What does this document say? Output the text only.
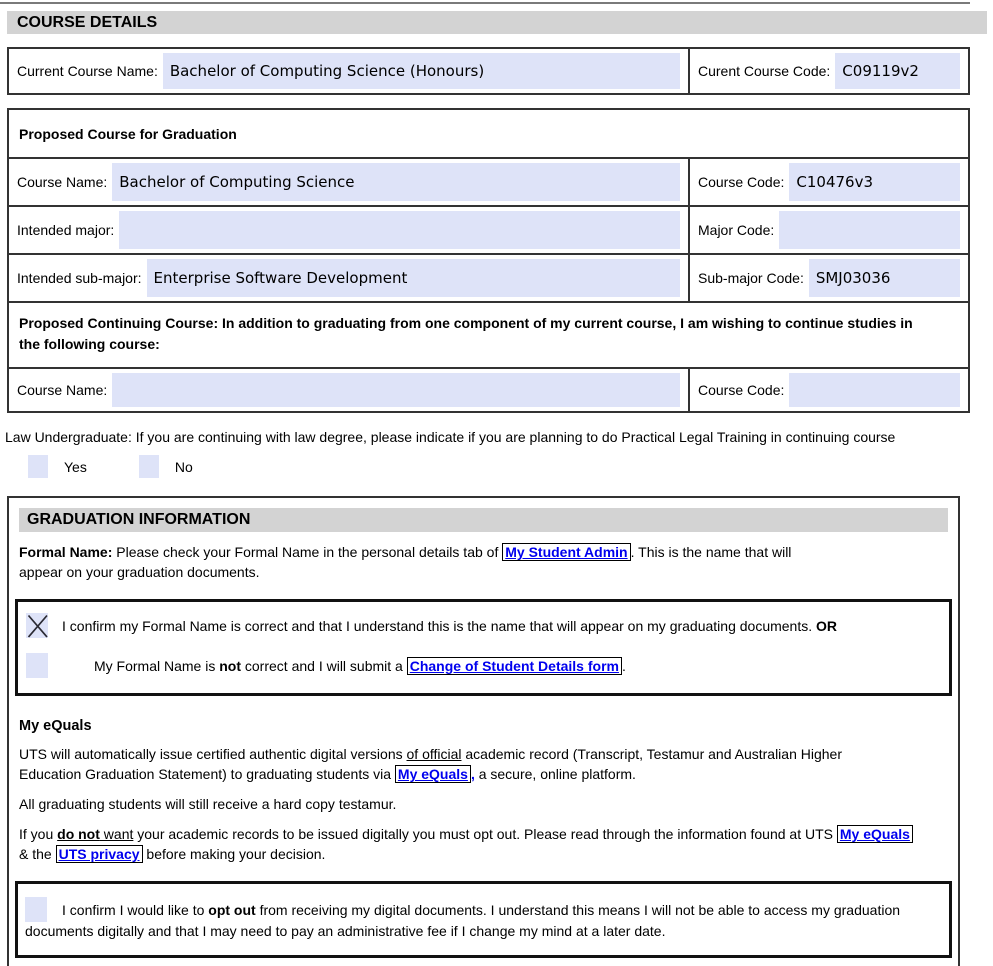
COURSE DETAILS
Current Course Name: Bachelor of Computing Science (Honours)	Curent Course Code: C09119v2
Proposed Course for Graduation
Course Name: Bachelor of Computing Science	Course Code: C10476v3
Intended major:	Major Code:
Intended sub-major: Enterprise Software Development	Sub-major Code: SMJ03036
Proposed Continuing Course: In addition to graduating from one component of my current course, I am wishing to continue studies in the following course:
Course Name:	Course Code:
Law Undergraduate: If you are continuing with law degree, please indicate if you are planning to do Practical Legal Training in continuing course
Yes	No
GRADUATION INFORMATION

Formal Name: Please check your Formal Name in the personal details tab of My Student Admin . This is the name that will
appear on your graduation documents.

I confirm my Formal Name is correct and that I understand this is the name that will appear on my graduating documents. OR
My Formal Name is not correct and I will submit a Change of Student Details form .

My eQuals

UTS will automatically issue certified authentic digital versions of official academic record (Transcript, Testamur and Australian Higher
Education Graduation Statement) to graduating students via My eQuals , a secure, online platform.

All graduating students will still receive a hard copy testamur.

If you do not want your academic records to be issued digitally you must opt out. Please read through the information found at UTS My eQuals
& the UTS privacy before making your decision.

I confirm I would like to opt out from receiving my digital documents. I understand this means I will not be able to access my graduation documents digitally and that I may need to pay an administrative fee if I change my mind at a later date.
